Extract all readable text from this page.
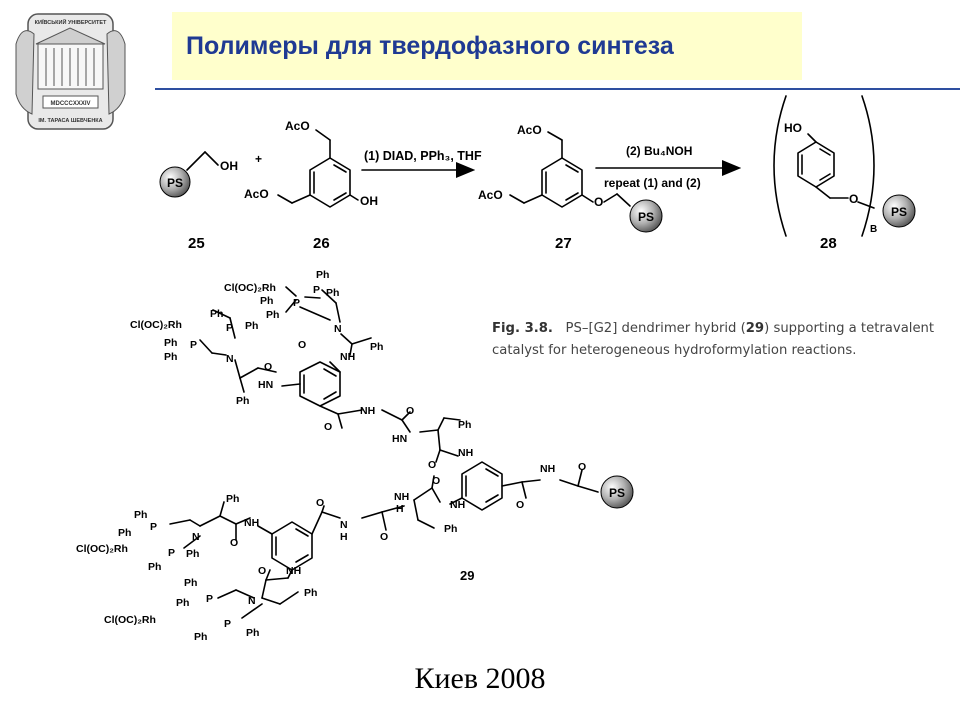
Полимеры для твердофазного синтеза
MDCCCXXXIV
КИЇВСЬКИЙ УНІВЕРСИТЕТ
ІМ. ТАРАСА ШЕВЧЕНКА
PS
PS	PS
PS
OH
25
+
AcO
AcO	OH
26
(1) DIAD, PPh₃, THF
AcO
AcO	O
27
(2) Bu₄NOH
repeat (1) and (2)
HO
O
B
28
Ph
Cl(OC)₂Rh	Ph
Ph P
Ph
P
Ph
Cl(OC)₂Rh	P Ph
Ph P
Ph
N
Ph
N
O
NH
O
HN
Ph
NH
O
O
HN
Ph
O
NH
O
NH
O
O
NH
NH
H
Ph
O
N
H
O
Ph
NH
O
Ph
P
Ph	N
Cl(OC)₂Rh	P Ph
Ph	NH
O	29
Ph
Ph
Ph P	N
Cl(OC)₂Rh	P
Ph
Ph
Fig. 3.8. PS–[G2] dendrimer hybrid (29) supporting a tetravalent catalyst for heterogeneous hydroformylation reactions.
Киев 2008
